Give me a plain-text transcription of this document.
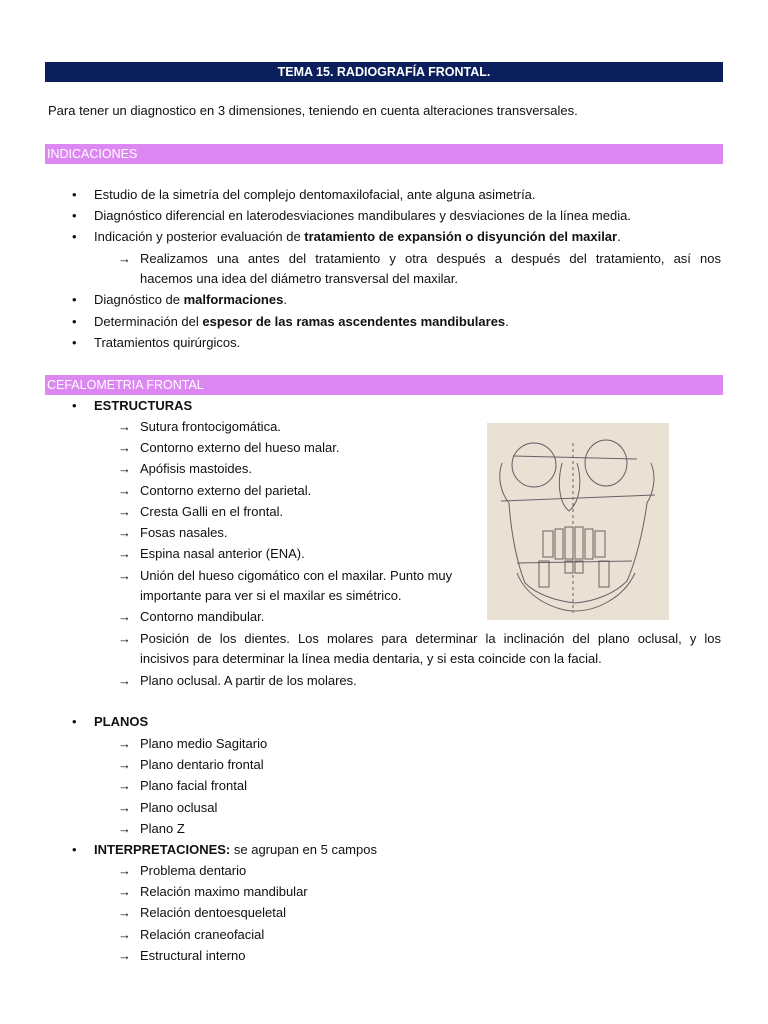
TEMA 15. RADIOGRAFÍA FRONTAL.
Para tener un diagnostico en 3 dimensiones, teniendo en cuenta alteraciones transversales.
INDICACIONES
• Estudio de la simetría del complejo dentomaxilofacial, ante alguna asimetría.
• Diagnóstico diferencial en laterodesviaciones mandibulares y desviaciones de la línea media.
• Indicación y posterior evaluación de tratamiento de expansión o disyunción del maxilar.
→ Realizamos una antes del tratamiento y otra después a después del tratamiento, así nos
hacemos una idea del diámetro transversal del maxilar.
• Diagnóstico de malformaciones.
• Determinación del espesor de las ramas ascendentes mandibulares.
• Tratamientos quirúrgicos.
CEFALOMETRIA FRONTAL
• ESTRUCTURAS
→ Sutura frontocigomática.
→ Contorno externo del hueso malar.
→ Apófisis mastoides.
→ Contorno externo del parietal.
→ Cresta Galli en el frontal.
→ Fosas nasales.
→ Espina nasal anterior (ENA).
→ Unión del hueso cigomático con el maxilar. Punto muy
importante para ver si el maxilar es simétrico.
→ Contorno mandibular.
→ Posición de los dientes. Los molares para determinar la inclinación del plano oclusal, y los
incisivos para determinar la línea media dentaria, y si esta coincide con la facial.
→ Plano oclusal. A partir de los molares.
• PLANOS
→ Plano medio Sagitario
→ Plano dentario frontal
→ Plano facial frontal
→ Plano oclusal
→ Plano Z
• INTERPRETACIONES: se agrupan en 5 campos
→ Problema dentario
→ Relación maximo mandibular
→ Relación dentoesqueletal
→ Relación craneofacial
→ Estructural interno
